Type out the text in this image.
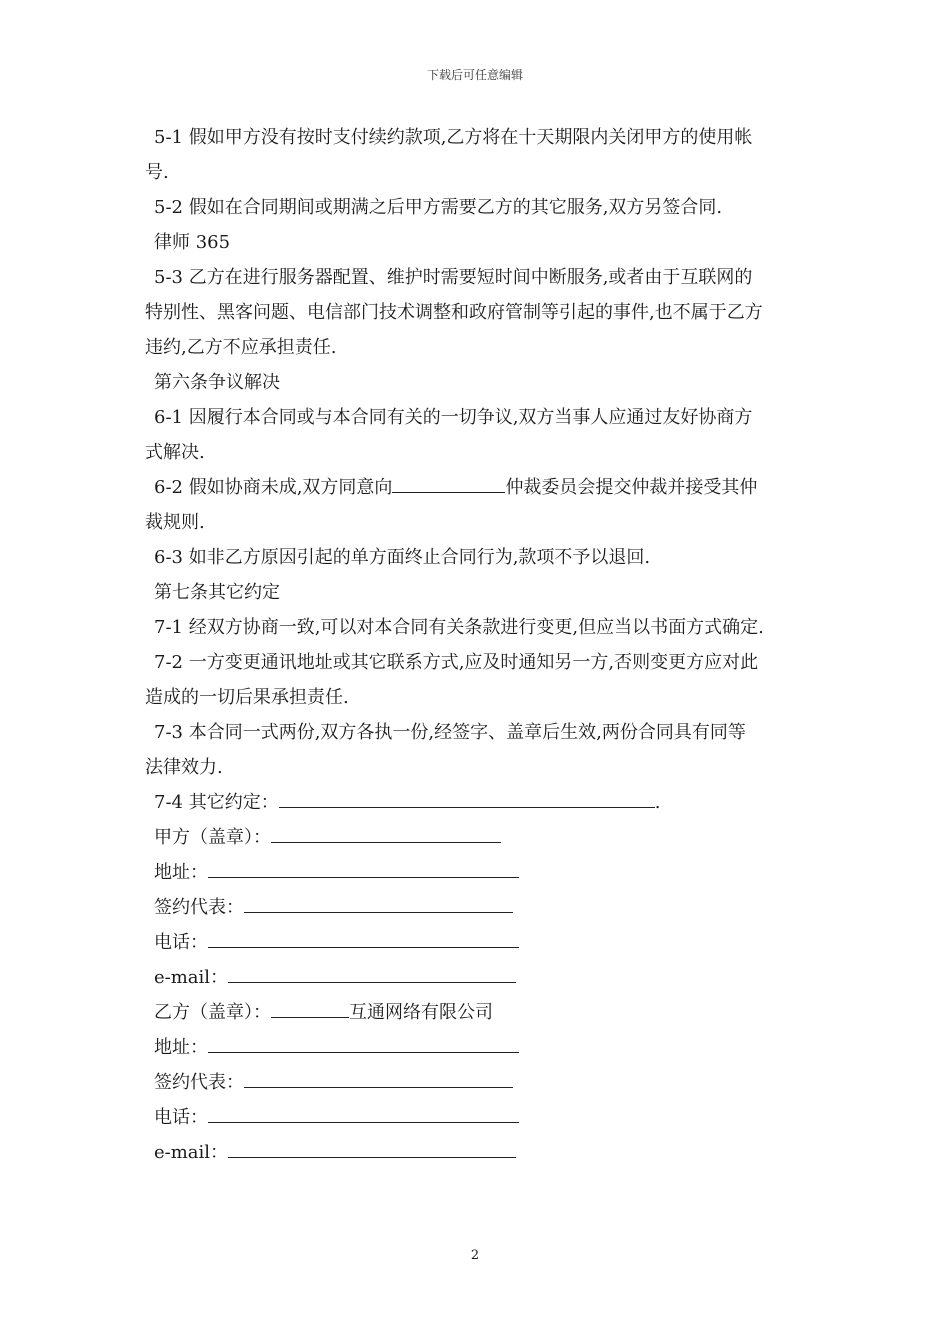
下载后可任意编辑
5-1 假如甲方没有按时支付续约款项,乙方将在十天期限内关闭甲方的使用帐
号.
5-2 假如在合同期间或期满之后甲方需要乙方的其它服务,双方另签合同.
律师 365
5-3 乙方在进行服务器配置、维护时需要短时间中断服务,或者由于互联网的
特别性、黑客问题、电信部门技术调整和政府管制等引起的事件,也不属于乙方
违约,乙方不应承担责任.
第六条争议解决
6-1 因履行本合同或与本合同有关的一切争议,双方当事人应通过友好协商方
式解决.
6-2 假如协商未成,双方同意向	仲裁委员会提交仲裁并接受其仲
裁规则.
6-3 如非乙方原因引起的单方面终止合同行为,款项不予以退回.
第七条其它约定
7-1 经双方协商一致,可以对本合同有关条款进行变更,但应当以书面方式确定.
7-2 一方变更通讯地址或其它联系方式,应及时通知另一方,否则变更方应对此
造成的一切后果承担责任.
7-3 本合同一式两份,双方各执一份,经签字、盖章后生效,两份合同具有同等
法律效力.
7-4 其它约定：	.
甲方（盖章）：
地址：
签约代表：
电话：
e-mail：
乙方（盖章）：	互通网络有限公司
地址：
签约代表：
电话：
e-mail：
2
